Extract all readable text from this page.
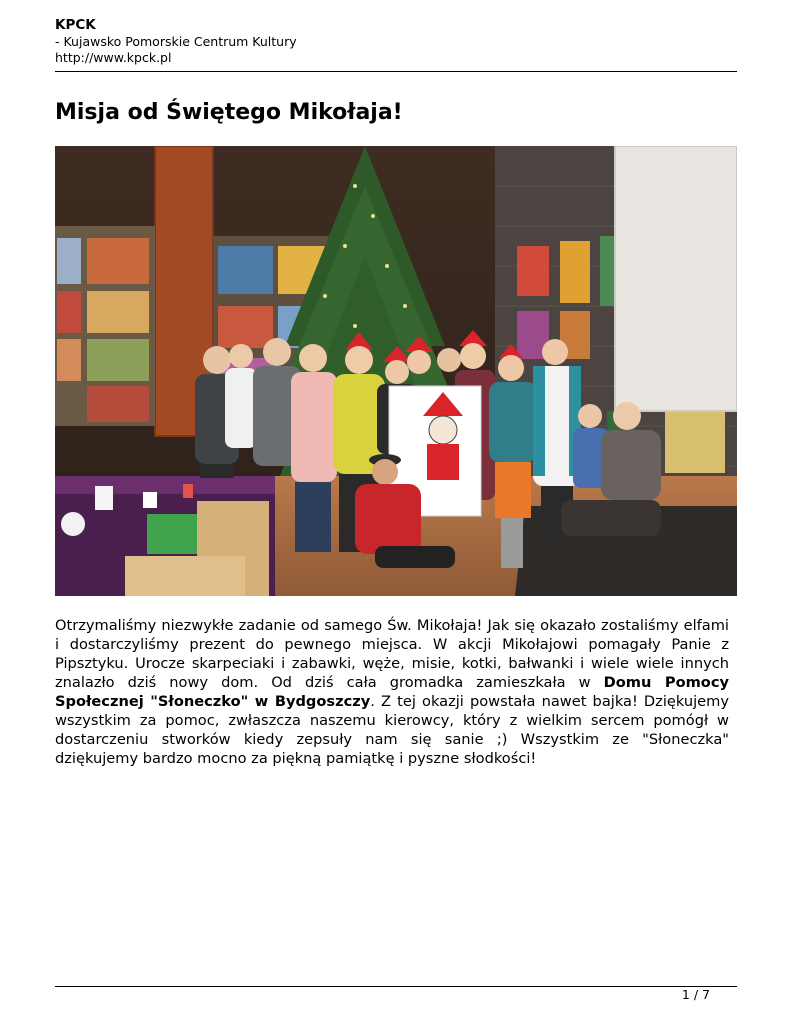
KPCK
- Kujawsko Pomorskie Centrum Kultury
http://www.kpck.pl
Misja od Świętego Mikołaja!

Otrzymaliśmy niezwykłe zadanie od samego Św. Mikołaja! Jak się okazało zostaliśmy elfami i dostarczyliśmy prezent do pewnego miejsca. W akcji Mikołajowi pomagały Panie z Pipsztyku. Urocze skarpeciaki i zabawki, węże, misie, kotki, bałwanki i wiele wiele innych znalazło dziś nowy dom. Od dziś cała gromadka zamieszkała w Domu Pomocy Społecznej "Słoneczko" w Bydgoszczy. Z tej okazji powstała nawet bajka! Dziękujemy wszystkim za pomoc, zwłaszcza naszemu kierowcy, który z wielkim sercem pomógł w dostarczeniu stworków kiedy zepsuły nam się sanie ;) Wszystkim ze "Słoneczka" dziękujemy bardzo mocno za piękną pamiątkę i pyszne słodkości!

1 / 7
